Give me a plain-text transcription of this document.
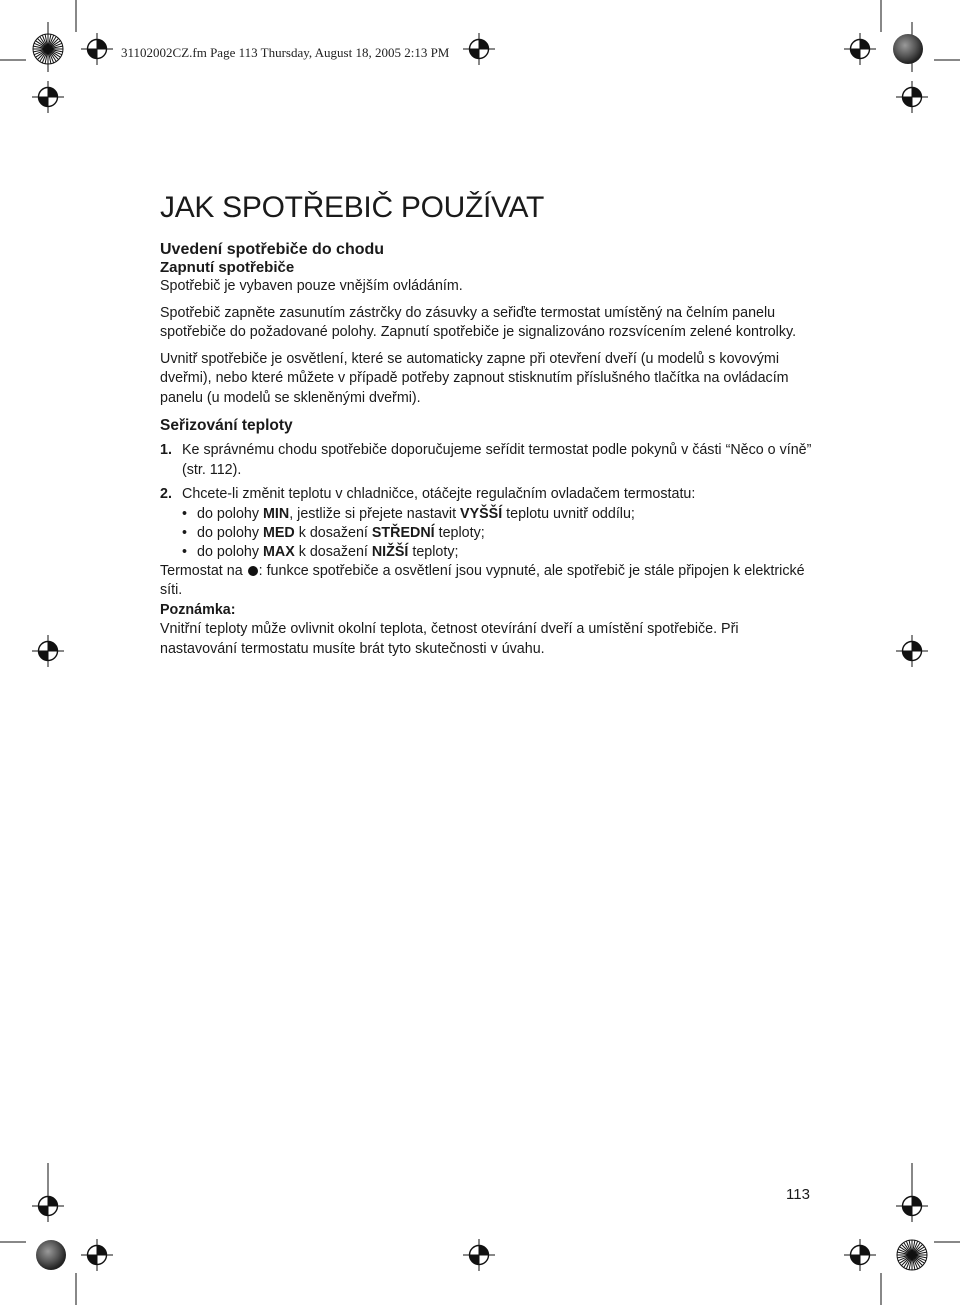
31102002CZ.fm Page 113 Thursday, August 18, 2005 2:13 PM
JAK SPOTŘEBIČ POUŽÍVAT
Uvedení spotřebiče do chodu
Zapnutí spotřebiče

Spotřebič je vybaven pouze vnějším ovládáním.

Spotřebič zapněte zasunutím zástrčky do zásuvky a seřiďte termostat umístěný na čelním panelu spotřebiče do požadované polohy. Zapnutí spotřebiče je signalizováno rozsvícením zelené kontrolky.

Uvnitř spotřebiče je osvětlení, které se automaticky zapne při otevření dveří (u modelů s kovovými dveřmi), nebo které můžete v případě potřeby zapnout stisknutím příslušného tlačítka na ovládacím panelu (u modelů se skleněnými dveřmi).

Seřizování teploty
1. Ke správnému chodu spotřebiče doporučujeme seřídit termostat podle pokynů v části “Něco o víně” (str. 112).
2. Chcete-li změnit teplotu v chladničce, otáčejte regulačním ovladačem termostatu:
• do polohy MIN, jestliže si přejete nastavit VYŠŠÍ teplotu uvnitř oddílu;
• do polohy MED k dosažení STŘEDNÍ teploty;
• do polohy MAX k dosažení NIŽŠÍ teploty;

Termostat na : funkce spotřebiče a osvětlení jsou vypnuté, ale spotřebič je stále připojen k elektrické síti.

Poznámka:

Vnitřní teploty může ovlivnit okolní teplota, četnost otevírání dveří a umístění spotřebiče. Při nastavování termostatu musíte brát tyto skutečnosti v úvahu.

113
